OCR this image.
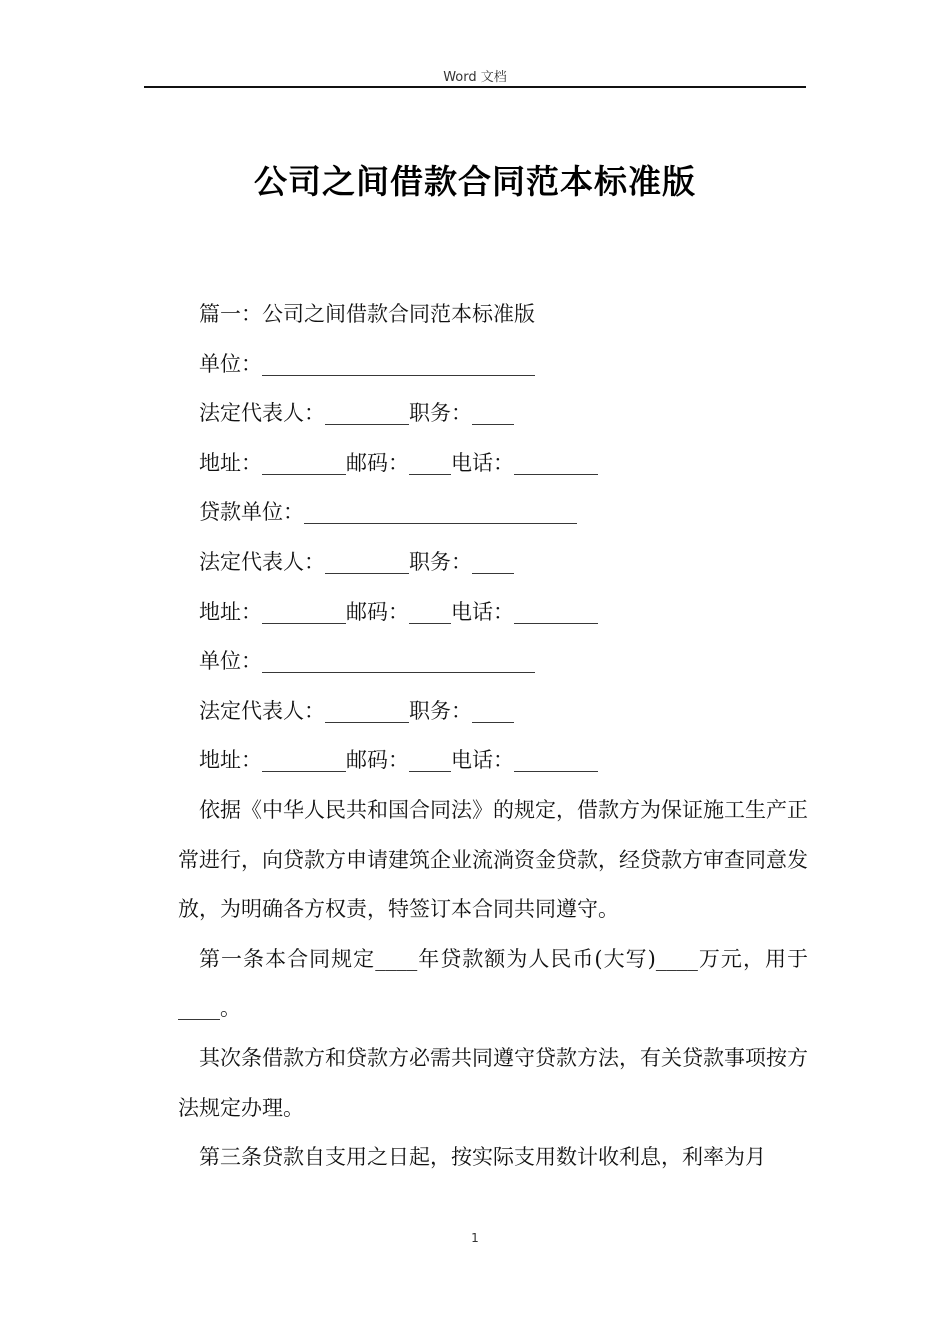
Word 文档
公司之间借款合同范本标准版

篇一：公司之间借款合同范本标准版

单位：__________________________

法定代表人：________职务：____

地址：________邮码：____电话：________

贷款单位：__________________________

法定代表人：________职务：____

地址：________邮码：____电话：________

单位：__________________________

法定代表人：________职务：____

地址：________邮码：____电话：________

依据《中华人民共和国合同法》的规定，借款方为保证施工生产正常进行，向贷款方申请建筑企业流淌资金贷款，经贷款方审查同意发放，为明确各方权责，特签订本合同共同遵守。

第一条本合同规定____年贷款额为人民币(大写)____万元，用于____。

其次条借款方和贷款方必需共同遵守贷款方法，有关贷款事项按方法规定办理。

第三条贷款自支用之日起，按实际支用数计收利息，利率为月

1
